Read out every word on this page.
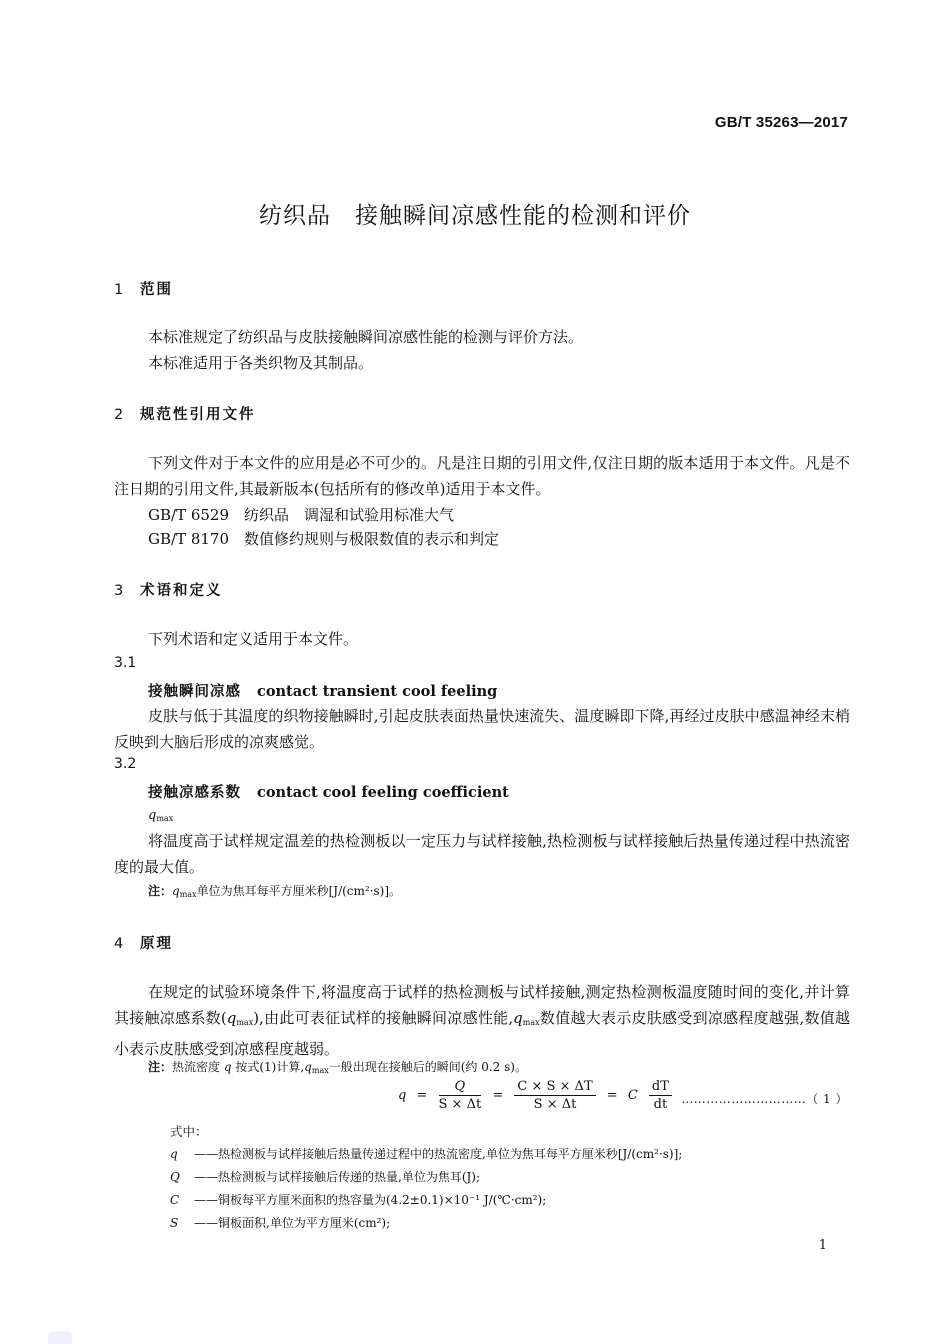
GB/T 35263—2017
纺织品　接触瞬间凉感性能的检测和评价
1 范围
本标准规定了纺织品与皮肤接触瞬间凉感性能的检测与评价方法。
本标准适用于各类织物及其制品。
2 规范性引用文件
下列文件对于本文件的应用是必不可少的。凡是注日期的引用文件,仅注日期的版本适用于本文件。凡是不注日期的引用文件,其最新版本(包括所有的修改单)适用于本文件。
GB/T 6529　纺织品　调湿和试验用标准大气
GB/T 8170　数值修约规则与极限数值的表示和判定
3 术语和定义
下列术语和定义适用于本文件。
3.1
接触瞬间凉感 contact transient cool feeling
皮肤与低于其温度的织物接触瞬时,引起皮肤表面热量快速流失、温度瞬即下降,再经过皮肤中感温神经末梢反映到大脑后形成的凉爽感觉。
3.2
接触凉感系数 contact cool feeling coefficient
$q_{max}$
将温度高于试样规定温差的热检测板以一定压力与试样接触,热检测板与试样接触后热量传递过程中热流密度的最大值。
注：$q_{max}$单位为焦耳每平方厘米秒[J/(cm²·s)]。
4 原理
在规定的试验环境条件下,将温度高于试样的热检测板与试样接触,测定热检测板温度随时间的变化,并计算其接触凉感系数$(q_{max})$,由此可表征试样的接触瞬间凉感性能$,q_{max}$数值越大表示皮肤感受到凉感程度越强,数值越小表示皮肤感受到凉感程度越弱。
注：热流密度 q 按式(1)计算$,q_{max}$一般出现在接触后的瞬间(约 0.2 s)。
$q = \frac{Q}{S \times \Delta t} = \frac{C \times S \times \Delta T}{S \times \Delta t} = C \frac{dT}{dt}$ …………………………（ 1 ）
式中：
q ——热检测板与试样接触后热量传递过程中的热流密度,单位为焦耳每平方厘米秒[J/(cm²·s)];
Q ——热检测板与试样接触后传递的热量,单位为焦耳(J);
C ——铜板每平方厘米面积的热容量为(4.2±0.1)×10⁻¹ J/(℃·cm²);
S ——铜板面积,单位为平方厘米(cm²);
1
